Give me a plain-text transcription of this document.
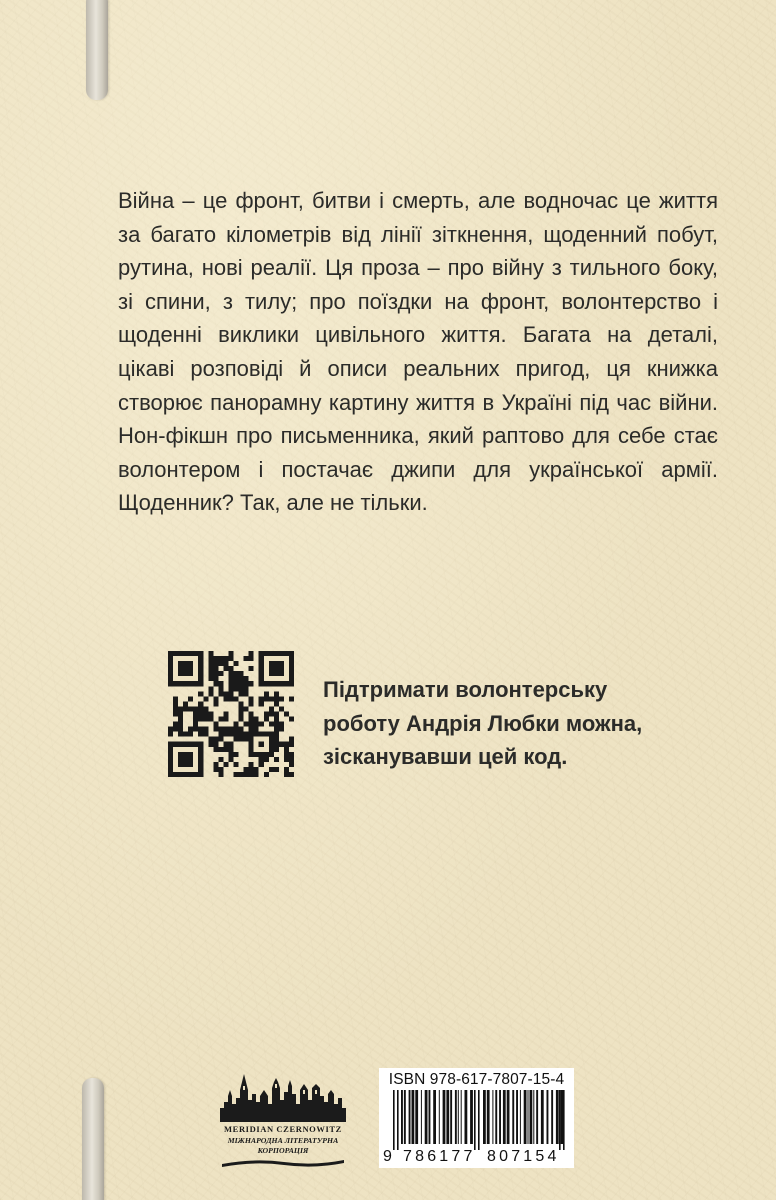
Війна – це фронт, битви і смерть, але водночас це життя за багато кілометрів від лінії зіткнення, щоденний побут, рутина, нові реалії. Ця проза – про війну з тильного боку, зі спини, з тилу; про поїздки на фронт, волонтерство і щоденні виклики цивільного життя. Багата на деталі, цікаві розповіді й описи реальних пригод, ця книжка створює панорамну картину життя в Україні під час війни. Нон-фікшн про письменника, який раптово для себе стає волонтером і постачає джипи для української армії. Щоденник? Так, але не тільки.

Підтримати волонтерську роботу Андрія Любки можна, зісканувавши цей код.

MERIDIAN CZERNOWITZ
МІЖНАРОДНА ЛІТЕРАТУРНА КОРПОРАЦІЯ
ISBN 978-617-7807-15-4
9 786177 807154
